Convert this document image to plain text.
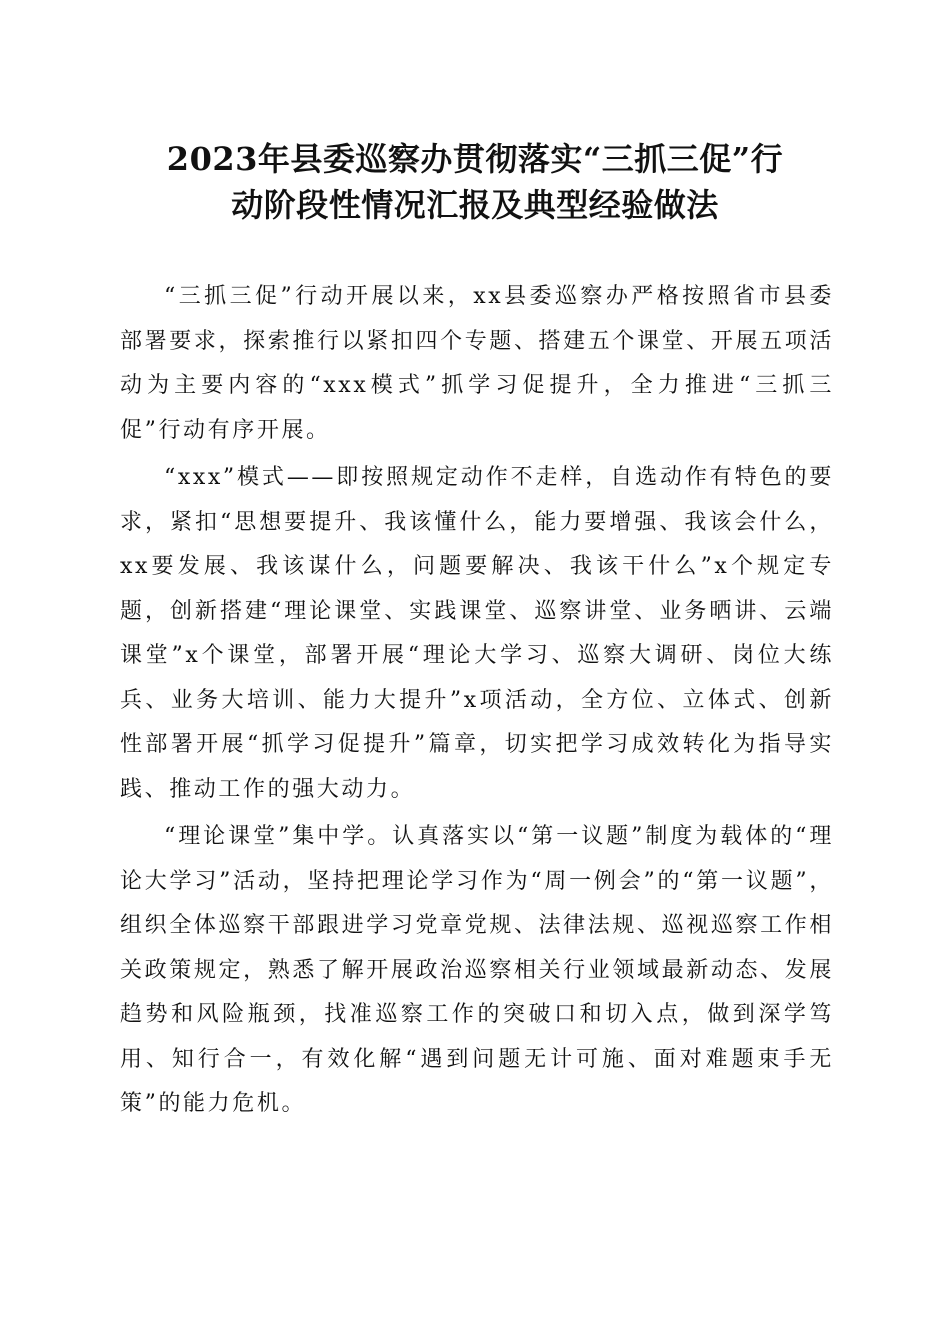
2023年县委巡察办贯彻落实“三抓三促”行
动阶段性情况汇报及典型经验做法

“三抓三促”行动开展以来，xx县委巡察办严格按照省市县委部署要求，探索推行以紧扣四个专题、搭建五个课堂、开展五项活动为主要内容的“xxx模式”抓学习促提升，全力推进“三抓三促”行动有序开展。

“xxx”模式——即按照规定动作不走样，自选动作有特色的要求，紧扣“思想要提升、我该懂什么，能力要增强、我该会什么，xx要发展、我该谋什么，问题要解决、我该干什么”x个规定专题，创新搭建“理论课堂、实践课堂、巡察讲堂、业务晒讲、云端课堂”x个课堂，部署开展“理论大学习、巡察大调研、岗位大练兵、业务大培训、能力大提升”x项活动，全方位、立体式、创新性部署开展“抓学习促提升”篇章，切实把学习成效转化为指导实践、推动工作的强大动力。

“理论课堂”集中学。认真落实以“第一议题”制度为载体的“理论大学习”活动，坚持把理论学习作为“周一例会”的“第一议题”，组织全体巡察干部跟进学习党章党规、法律法规、巡视巡察工作相关政策规定，熟悉了解开展政治巡察相关行业领域最新动态、发展趋势和风险瓶颈，找准巡察工作的突破口和切入点，做到深学笃用、知行合一，有效化解“遇到问题无计可施、面对难题束手无策”的能力危机。
